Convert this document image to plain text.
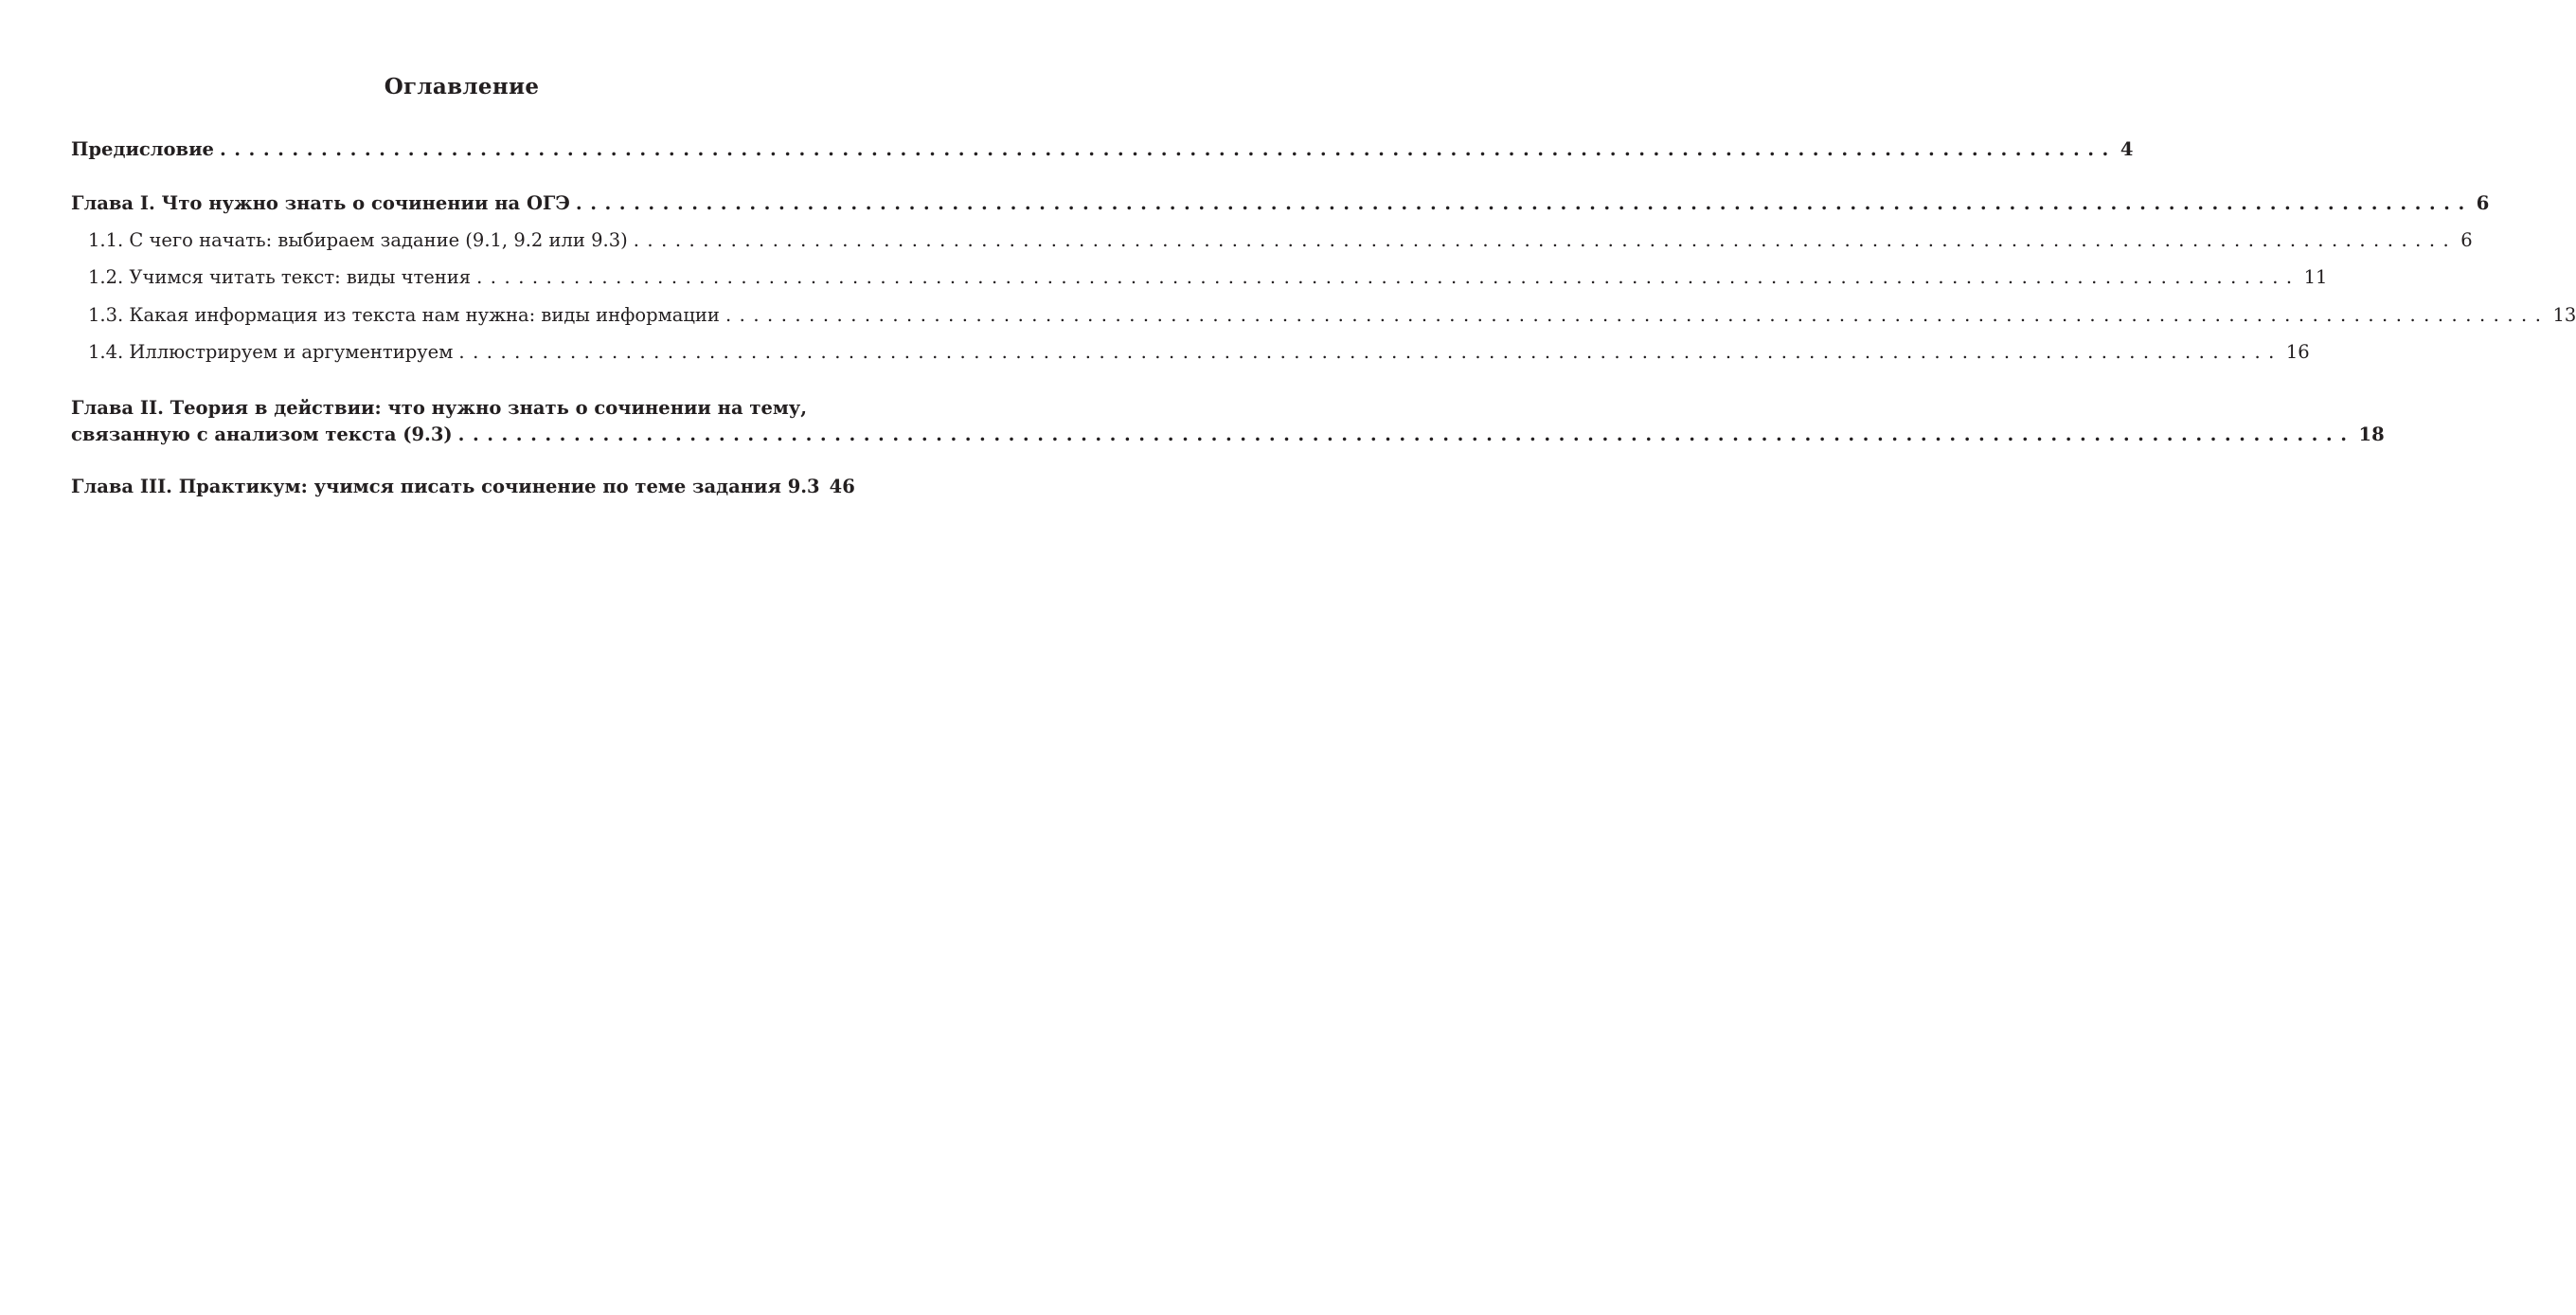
Оглавление
Предисловие ................................................................................................................................... 4
Глава I. Что нужно знать о сочинении на ОГЭ ................................................................................................................................... 6
1.1. С чего начать: выбираем задание (9.1, 9.2 или 9.3) ................................................................................................................................... 6
1.2. Учимся читать текст: виды чтения ................................................................................................................................... 11
1.3. Какая информация из текста нам нужна: виды информации ................................................................................................................................... 13
1.4. Иллюстрируем и аргументируем ................................................................................................................................... 16
Глава II. Теория в действии: что нужно знать о сочинении на тему,
связанную с анализом текста (9.3) ................................................................................................................................... 18
Глава III. Практикум: учимся писать сочинение по теме задания 9.3 46
